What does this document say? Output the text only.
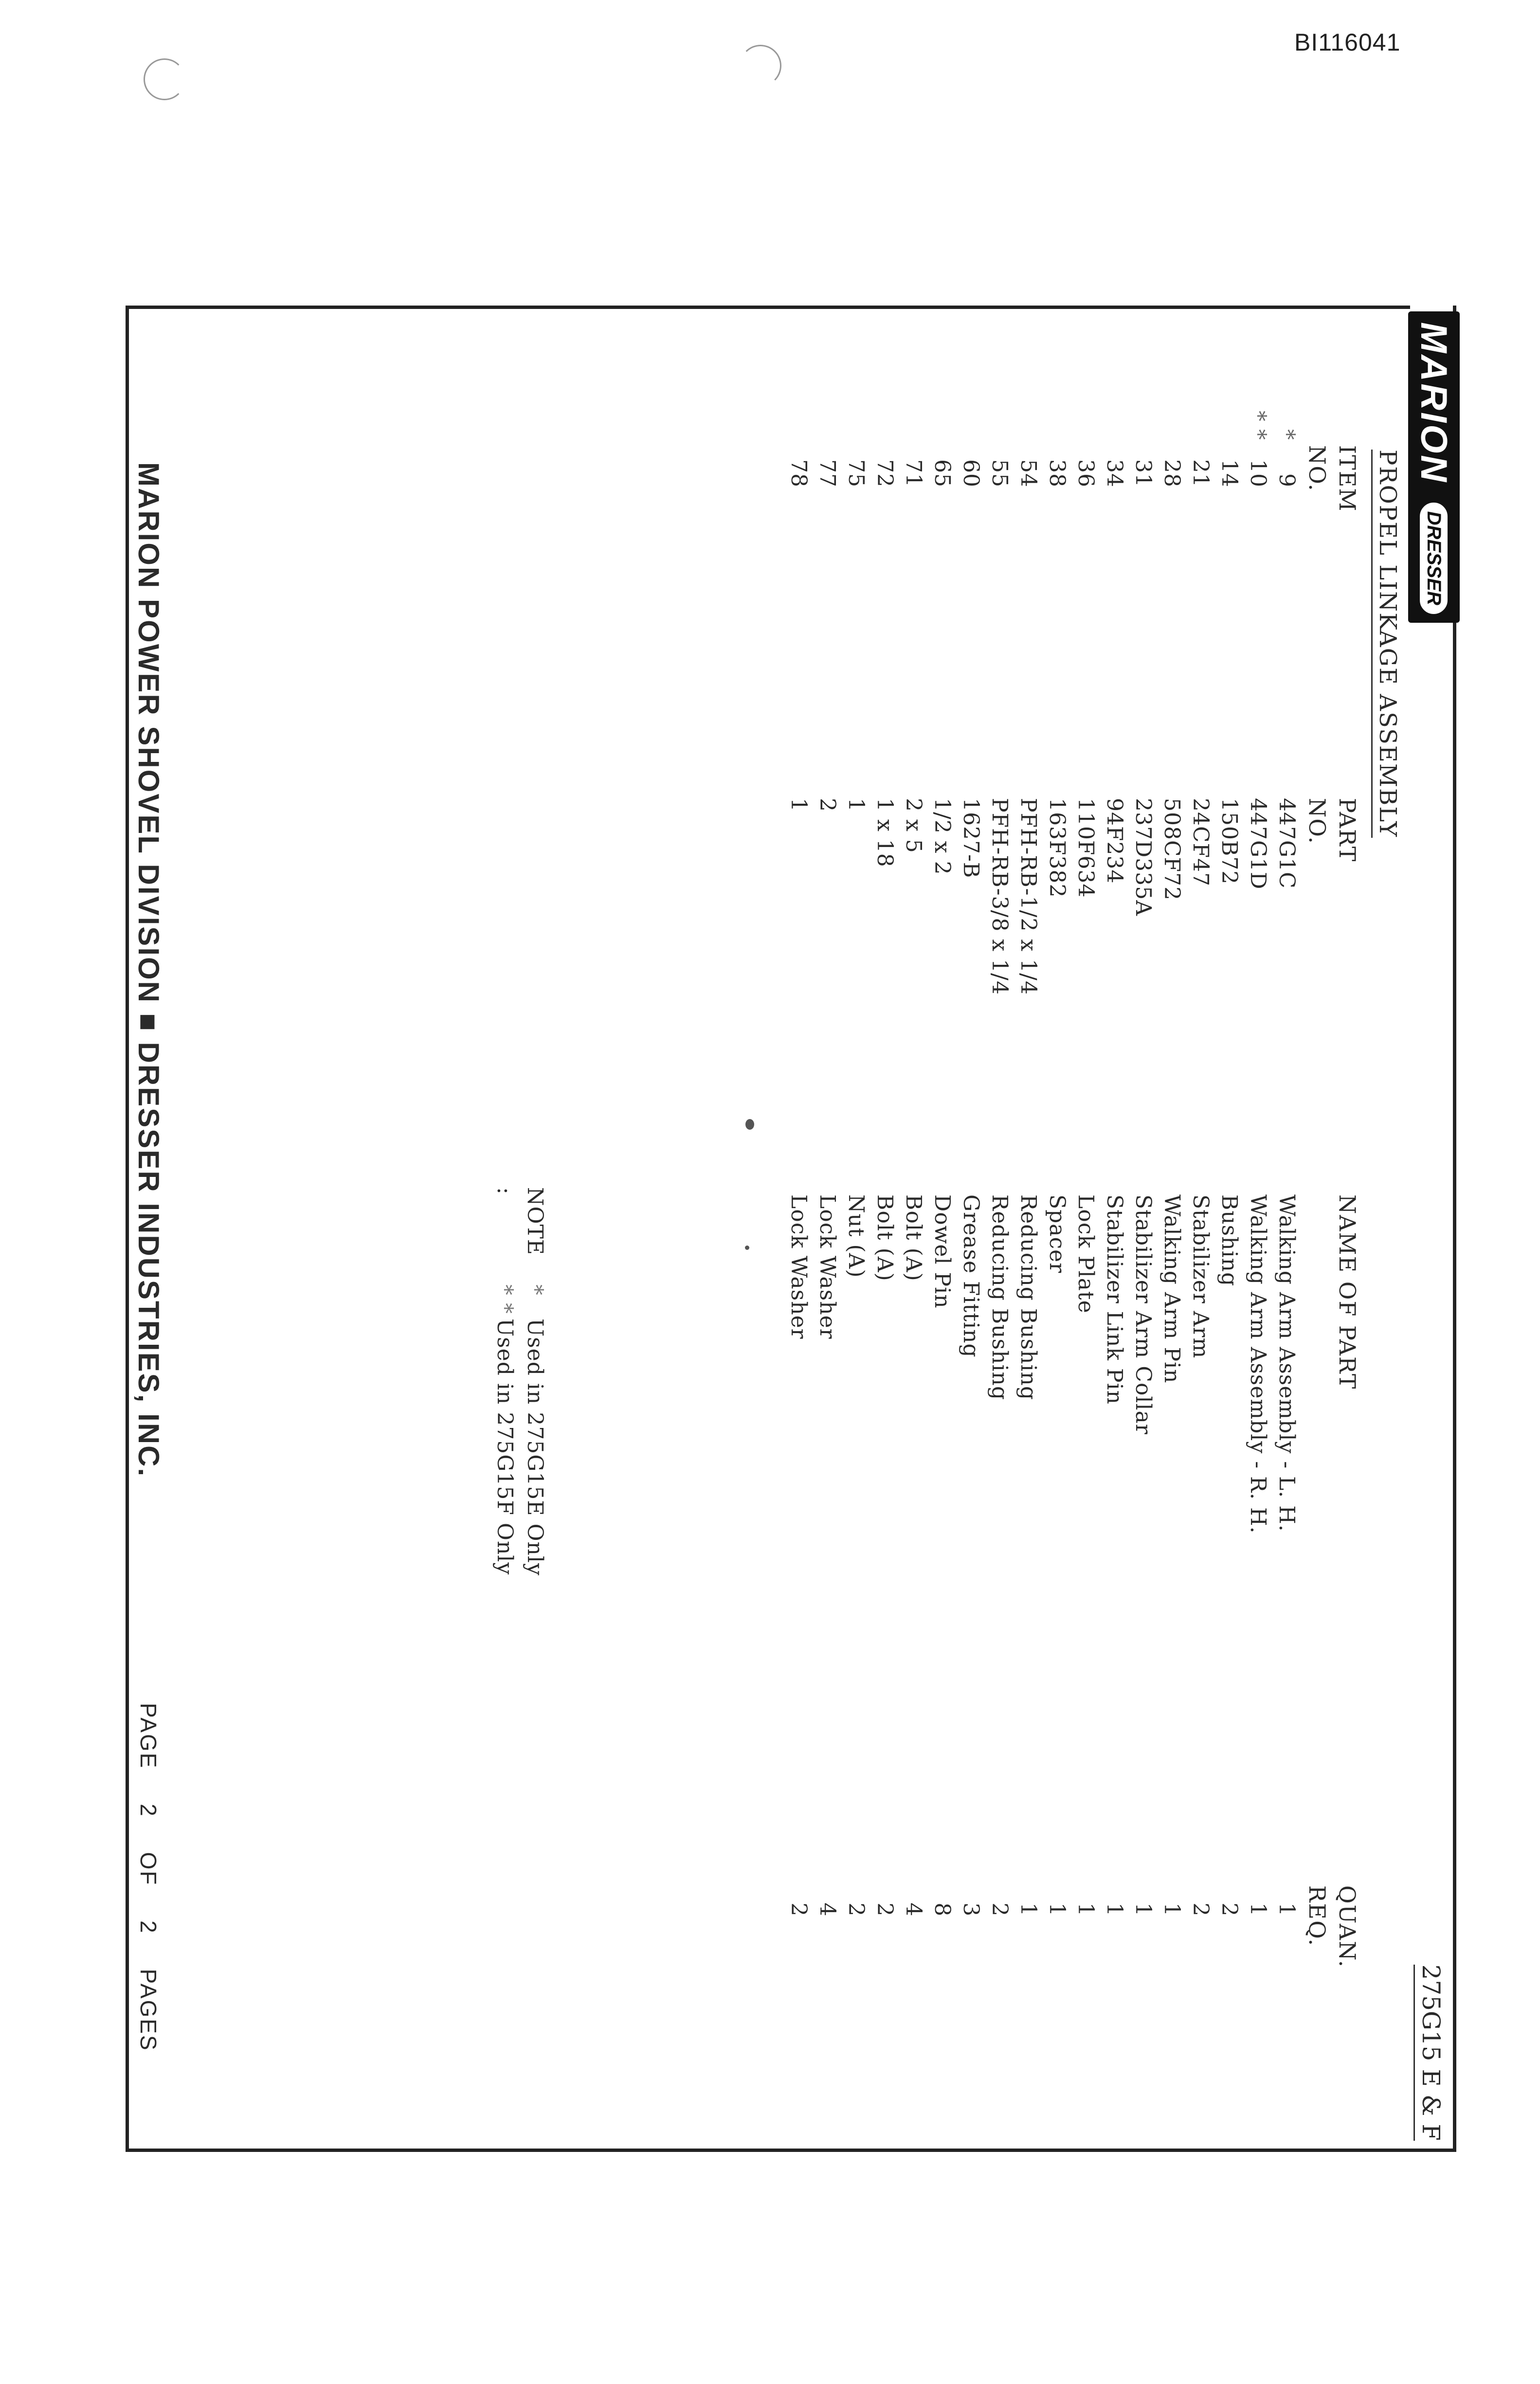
BI116041
MARION
DRESSER
275G15 E & F
PROPEL LINKAGE ASSEMBLY
ITEM
NO.
PART
NO.
NAME OF PART
QUAN.
REQ.
*
9
447G1C
Walking Arm Assembly - L. H.
1
* *
10
447G1D
Walking Arm Assembly - R. H.
1
14
150B72
Bushing
2
21
24CF47
Stabilizer Arm
2
28
508CF72
Walking Arm Pin
1
31
237D335A
Stabilizer Arm Collar
1
34
94F234
Stabilizer Link Pin
1
36
110F634
Lock Plate
1
38
163F382
Spacer
1
54
PFH-RB-1/2 x 1/4
Reducing Bushing
1
55
PFH-RB-3/8 x 1/4
Reducing Bushing
2
60
1627-B
Grease Fitting
3
65
1/2 x 2
Dowel Pin
8
71
2 x 5
Bolt (A)
4
72
1 x 18
Bolt (A)
2
75
1
Nut (A)
2
77
2
Lock Washer
4
78
1
Lock Washer
2
NOTE :
*Used in 275G15E Only
* *Used in 275G15F Only
MARION POWER SHOVEL DIVISION ■ DRESSER INDUSTRIES, INC.
PAGE 2 OF 2 PAGES
